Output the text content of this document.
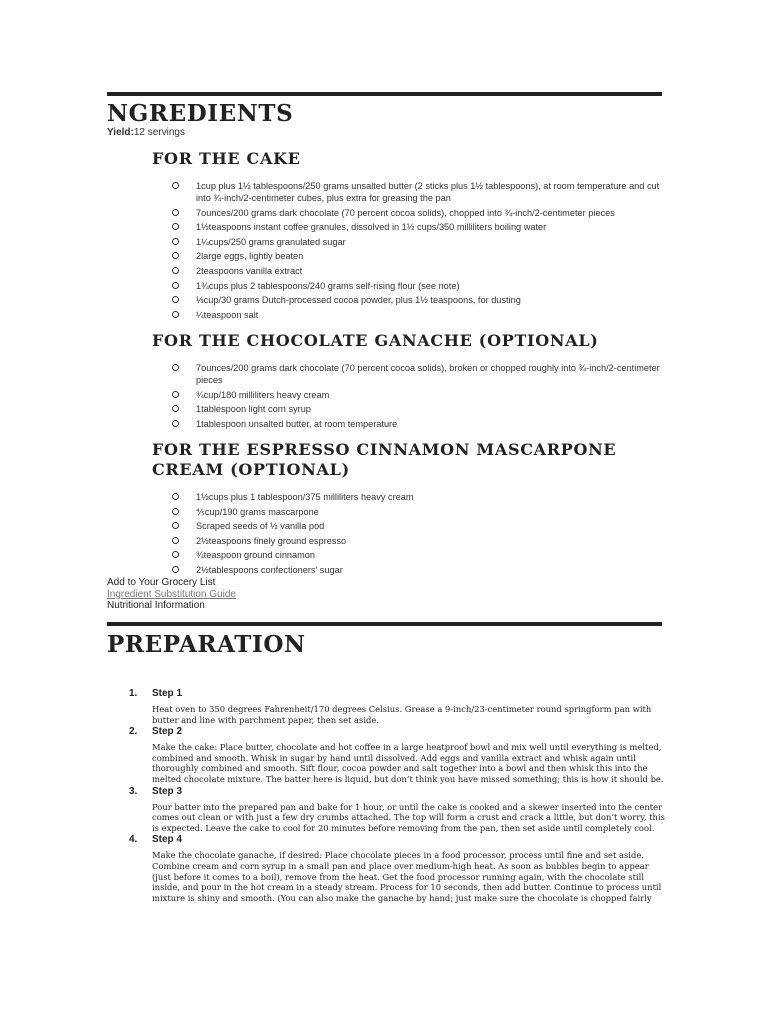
NGREDIENTS
Yield:12 servings
FOR THE CAKE
1cup plus 1½ tablespoons/250 grams unsalted butter (2 sticks plus 1½ tablespoons), at room temperature and cut into ¾-inch/2-centimeter cubes, plus extra for greasing the pan
7ounces/200 grams dark chocolate (70 percent cocoa solids), chopped into ¾-inch/2-centimeter pieces
1½teaspoons instant coffee granules, dissolved in 1½ cups/350 milliliters boiling water
1¼cups/250 grams granulated sugar
2large eggs, lightly beaten
2teaspoons vanilla extract
1¾cups plus 2 tablespoons/240 grams self-rising flour (see note)
⅓cup/30 grams Dutch-processed cocoa powder, plus 1½ teaspoons, for dusting
¼teaspoon salt
FOR THE CHOCOLATE GANACHE (OPTIONAL)
7ounces/200 grams dark chocolate (70 percent cocoa solids), broken or chopped roughly into ¾-inch/2-centimeter pieces
¾cup/180 milliliters heavy cream
1tablespoon light corn syrup
1tablespoon unsalted butter, at room temperature
FOR THE ESPRESSO CINNAMON MASCARPONE CREAM (OPTIONAL)
1½cups plus 1 tablespoon/375 milliliters heavy cream
⅘cup/190 grams mascarpone
Scraped seeds of ½ vanilla pod
2½teaspoons finely ground espresso
¾teaspoon ground cinnamon
2½tablespoons confectioners’ sugar
Add to Your Grocery List
Ingredient Substitution Guide
Nutritional Information
PREPARATION
1. Step 1
Heat oven to 350 degrees Fahrenheit/170 degrees Celsius. Grease a 9-inch/23-centimeter round springform pan with butter and line with parchment paper, then set aside.
2. Step 2
Make the cake: Place butter, chocolate and hot coffee in a large heatproof bowl and mix well until everything is melted, combined and smooth. Whisk in sugar by hand until dissolved. Add eggs and vanilla extract and whisk again until thoroughly combined and smooth. Sift flour, cocoa powder and salt together into a bowl and then whisk this into the melted chocolate mixture. The batter here is liquid, but don’t think you have missed something; this is how it should be.
3. Step 3
Pour batter into the prepared pan and bake for 1 hour, or until the cake is cooked and a skewer inserted into the center comes out clean or with just a few dry crumbs attached. The top will form a crust and crack a little, but don’t worry, this is expected. Leave the cake to cool for 20 minutes before removing from the pan, then set aside until completely cool.
4. Step 4
Make the chocolate ganache, if desired: Place chocolate pieces in a food processor, process until fine and set aside. Combine cream and corn syrup in a small pan and place over medium-high heat. As soon as bubbles begin to appear (just before it comes to a boil), remove from the heat. Get the food processor running again, with the chocolate still inside, and pour in the hot cream in a steady stream. Process for 10 seconds, then add butter. Continue to process until mixture is shiny and smooth. (You can also make the ganache by hand; just make sure the chocolate is chopped fairly
